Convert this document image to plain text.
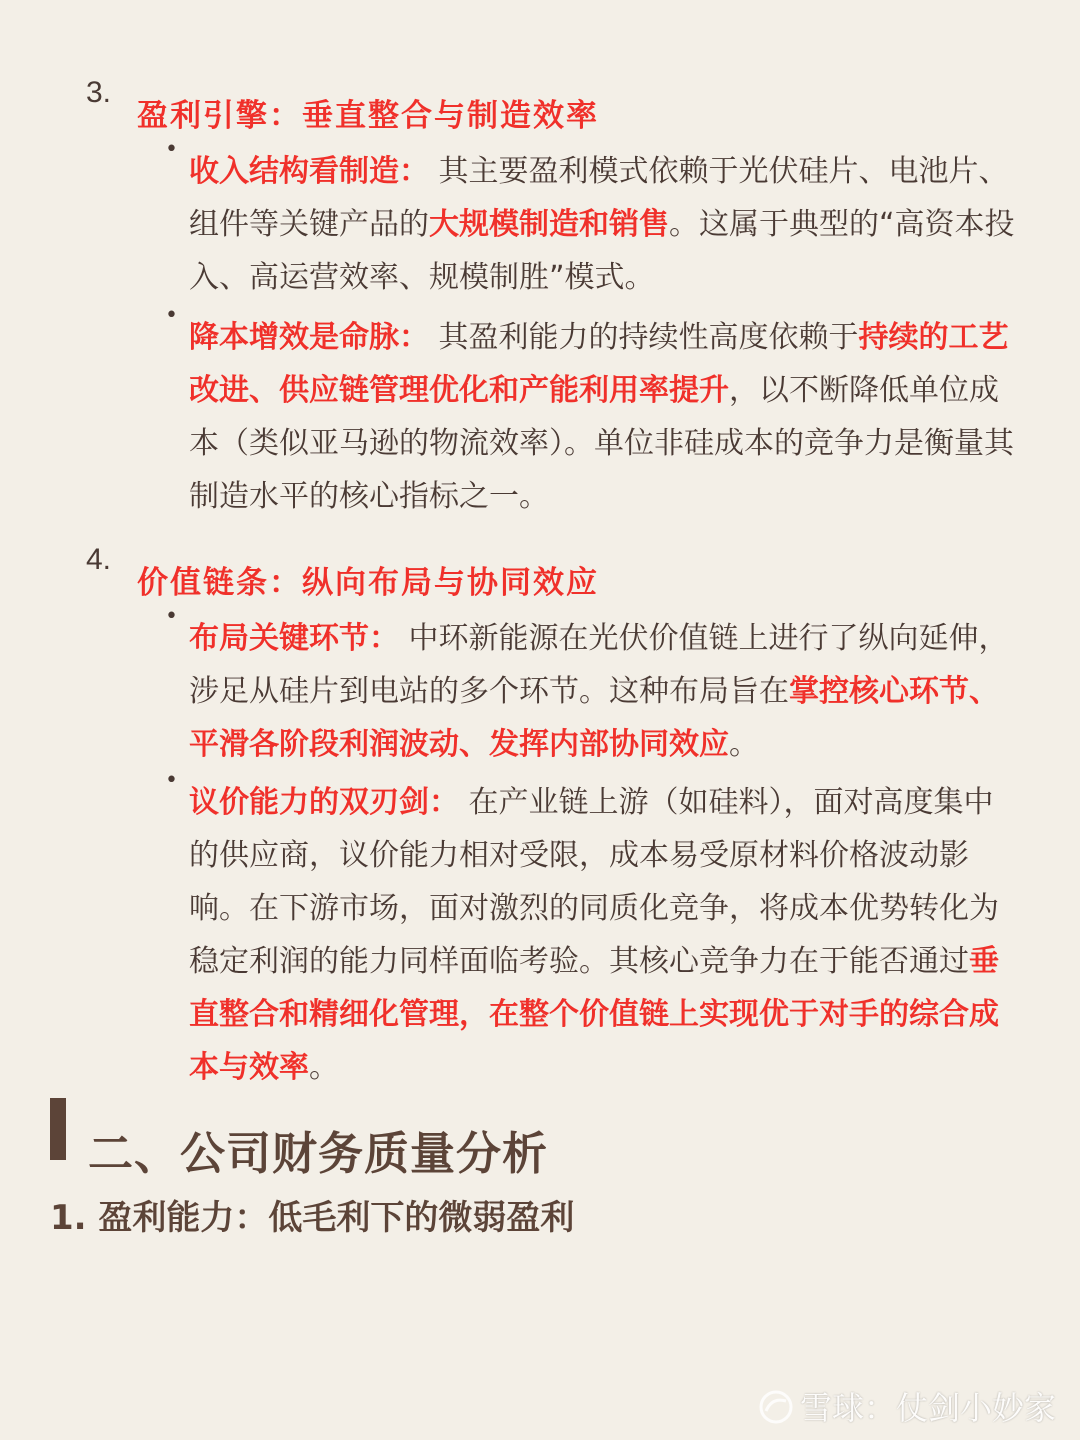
3.
盈利引擎：垂直整合与制造效率
•
收入结构看制造： 其主要盈利模式依赖于光伏硅片、电池片、组件等关键产品的大规模制造和销售。这属于典型的“高资本投入、高运营效率、规模制胜”模式。
•
降本增效是命脉： 其盈利能力的持续性高度依赖于持续的工艺改进、供应链管理优化和产能利用率提升，以不断降低单位成本（类似亚马逊的物流效率）。单位非硅成本的竞争力是衡量其制造水平的核心指标之一。
4.
价值链条：纵向布局与协同效应
•
布局关键环节： 中环新能源在光伏价值链上进行了纵向延伸，涉足从硅片到电站的多个环节。这种布局旨在掌控核心环节、平滑各阶段利润波动、发挥内部协同效应。
•
议价能力的双刃剑： 在产业链上游（如硅料），面对高度集中的供应商，议价能力相对受限，成本易受原材料价格波动影响。在下游市场，面对激烈的同质化竞争，将成本优势转化为稳定利润的能力同样面临考验。其核心竞争力在于能否通过垂直整合和精细化管理，在整个价值链上实现优于对手的综合成本与效率。
二、公司财务质量分析
1. 盈利能力：低毛利下的微弱盈利
雪球：仗剑小妙家
